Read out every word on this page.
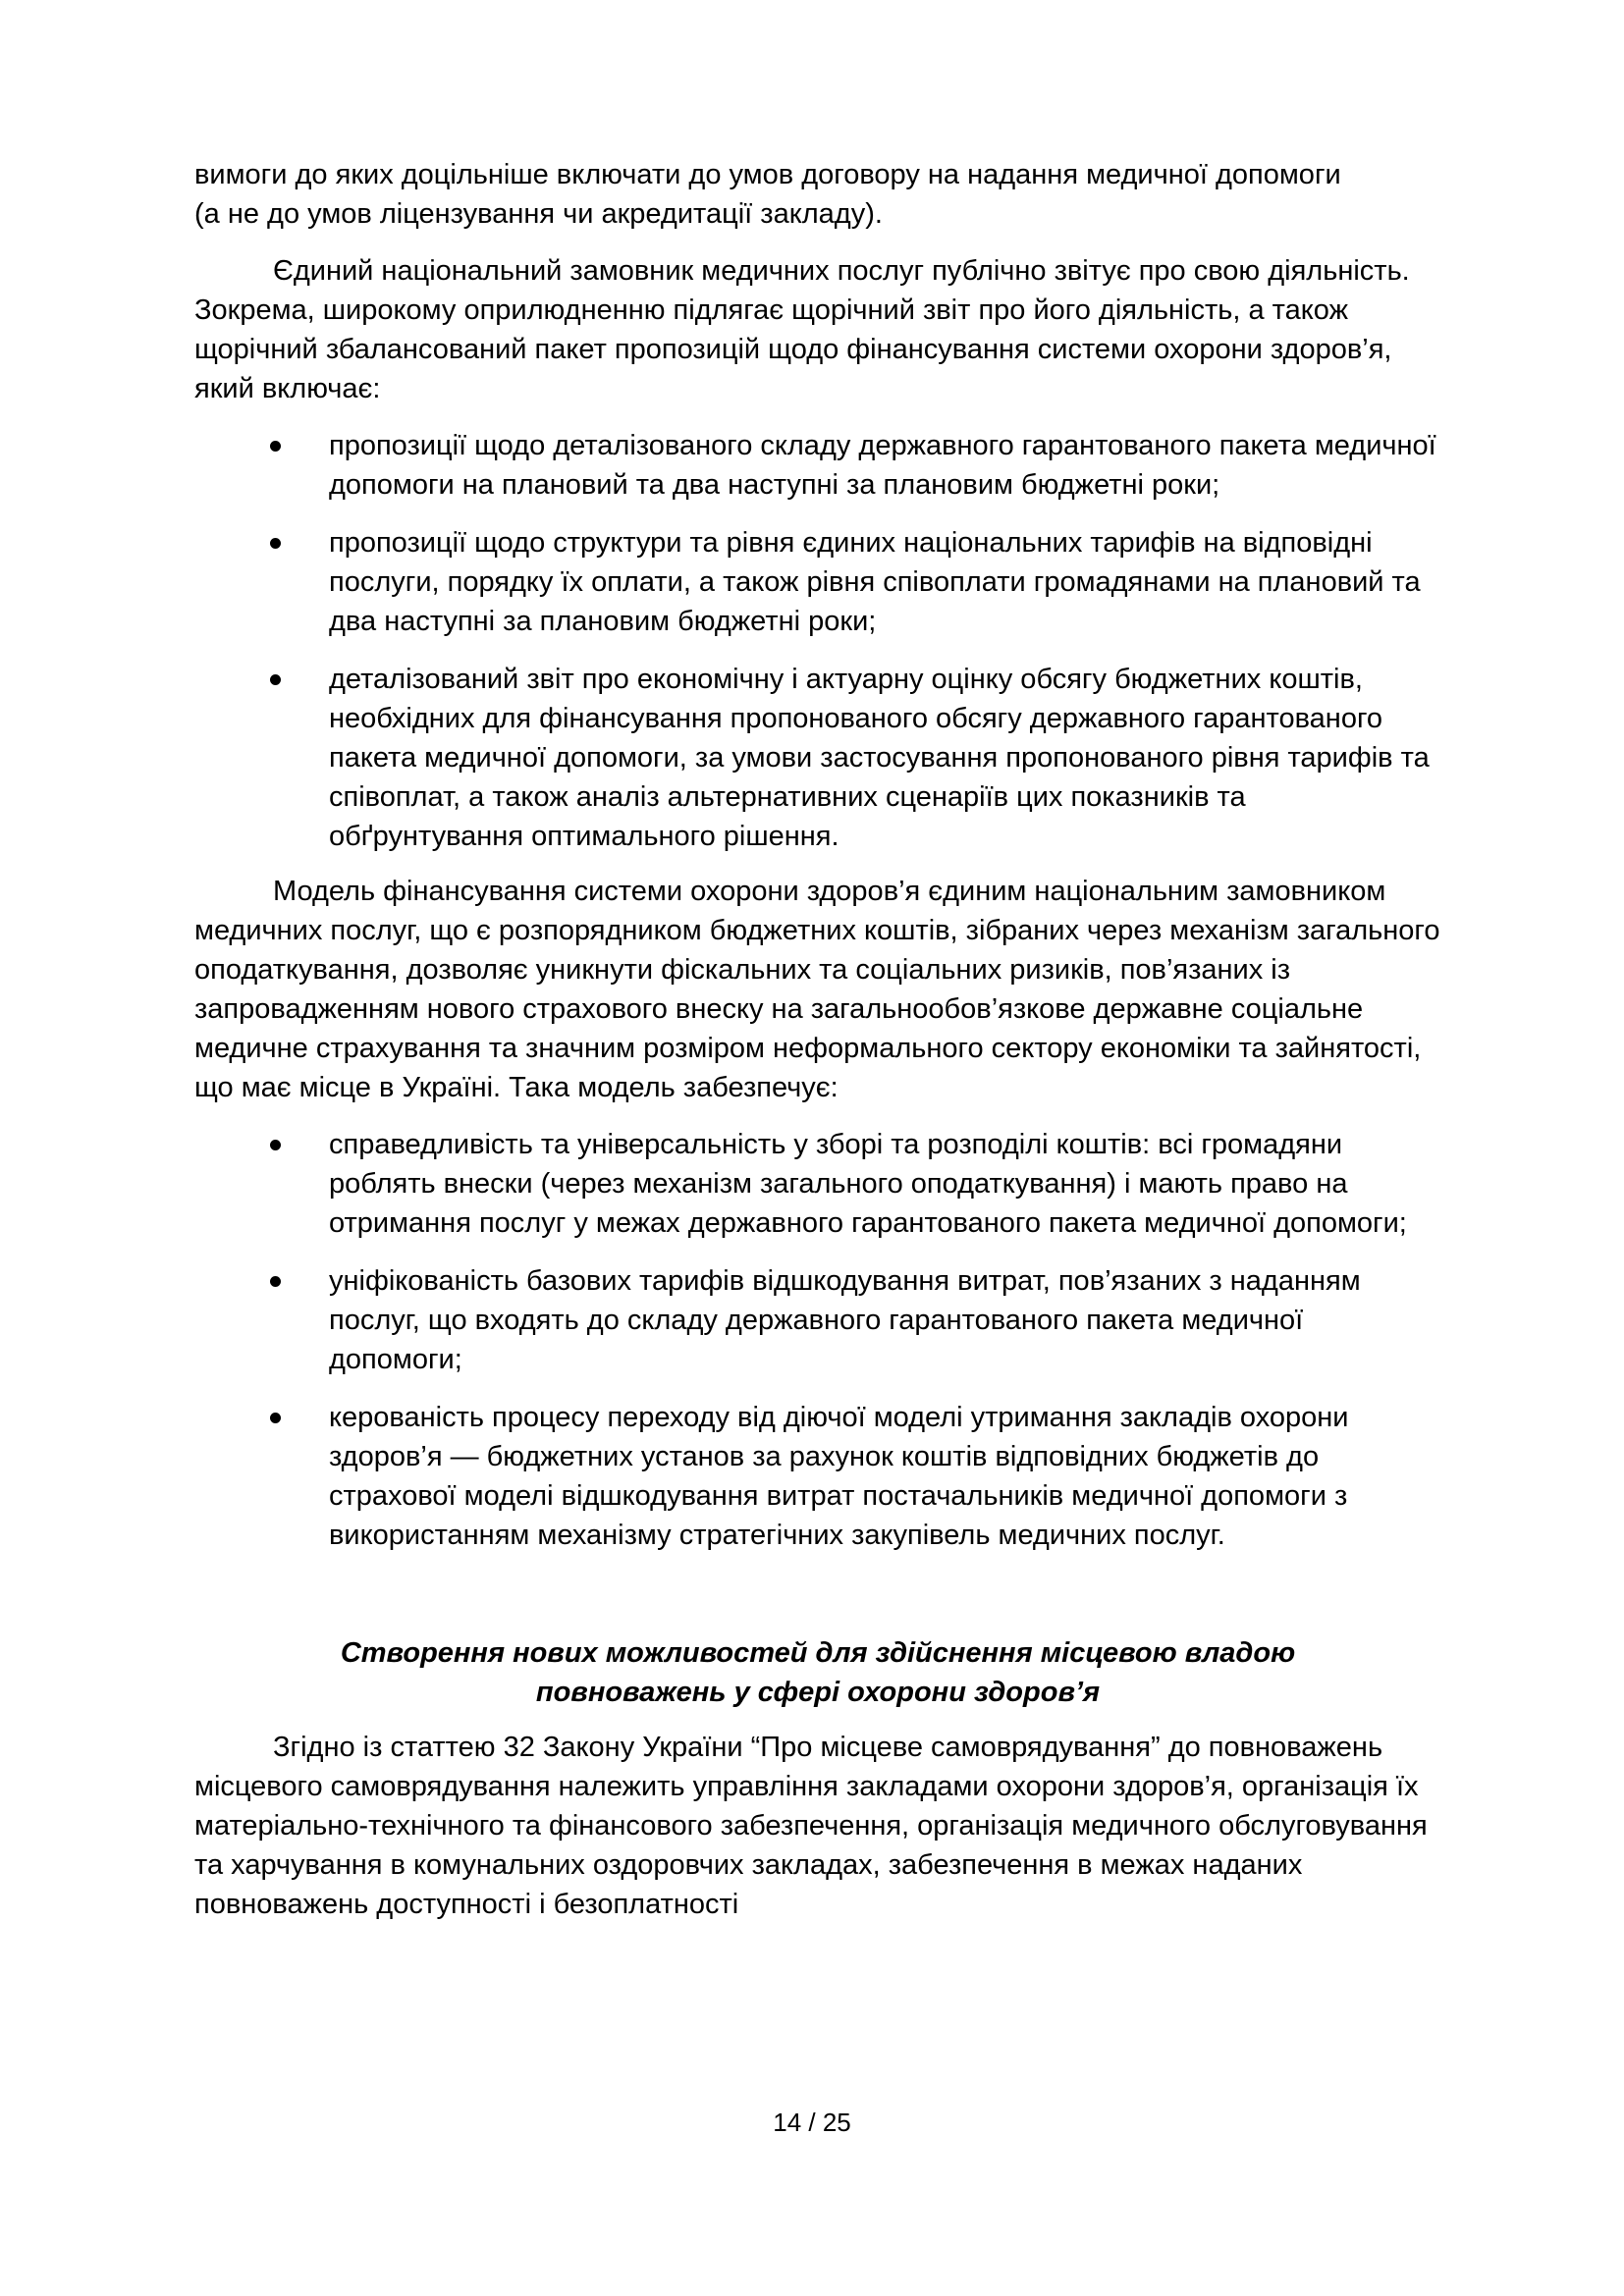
вимоги до яких доцільніше включати до умов договору на надання медичної допомоги
(а не до умов ліцензування чи акредитації закладу).

Єдиний національний замовник медичних послуг публічно звітує про свою діяльність. Зокрема, широкому оприлюдненню підлягає щорічний звіт про його діяльність, а також щорічний збалансований пакет пропозицій щодо фінансування системи охорони здоров’я, який включає:

пропозиції щодо деталізованого складу державного гарантованого пакета медичної допомоги на плановий та два наступні за плановим бюджетні роки;
пропозиції щодо структури та рівня єдиних національних тарифів на відповідні послуги, порядку їх оплати, а також рівня співоплати громадянами на плановий та два наступні за плановим бюджетні роки;
деталізований звіт про економічну і актуарну оцінку обсягу бюджетних коштів, необхідних для фінансування пропонованого обсягу державного гарантованого пакета медичної допомоги, за умови застосування пропонованого рівня тарифів та співоплат, а також аналіз альтернативних сценаріїв цих показників та обґрунтування оптимального рішення.

Модель фінансування системи охорони здоров’я єдиним національним замовником медичних послуг, що є розпорядником бюджетних коштів, зібраних через механізм загального оподаткування, дозволяє уникнути фіскальних та соціальних ризиків, пов’язаних із запровадженням нового страхового внеску на загальнообов’язкове державне соціальне медичне страхування та значним розміром неформального сектору економіки та зайнятості, що має місце в Україні. Така модель забезпечує:

справедливість та універсальність у зборі та розподілі коштів: всі громадяни роблять внески (через механізм загального оподаткування) і мають право на отримання послуг у межах державного гарантованого пакета медичної допомоги;
уніфікованість базових тарифів відшкодування витрат, пов’язаних з наданням послуг, що входять до складу державного гарантованого пакета медичної допомоги;
керованість процесу переходу від діючої моделі утримання закладів охорони здоров’я — бюджетних установ за рахунок коштів відповідних бюджетів до страхової моделі відшкодування витрат постачальників медичної допомоги з використанням механізму стратегічних закупівель медичних послуг.
Створення нових можливостей для здійснення місцевою владою
повноважень у сфері охорони здоров’я

Згідно із статтею 32 Закону України “Про місцеве самоврядування” до повноважень місцевого самоврядування належить управління закладами охорони здоров’я, організація їх матеріально-технічного та фінансового забезпечення, організація медичного обслуговування та харчування в комунальних оздоровчих закладах, забезпечення в межах наданих повноважень доступності і безоплатності

14 / 25
